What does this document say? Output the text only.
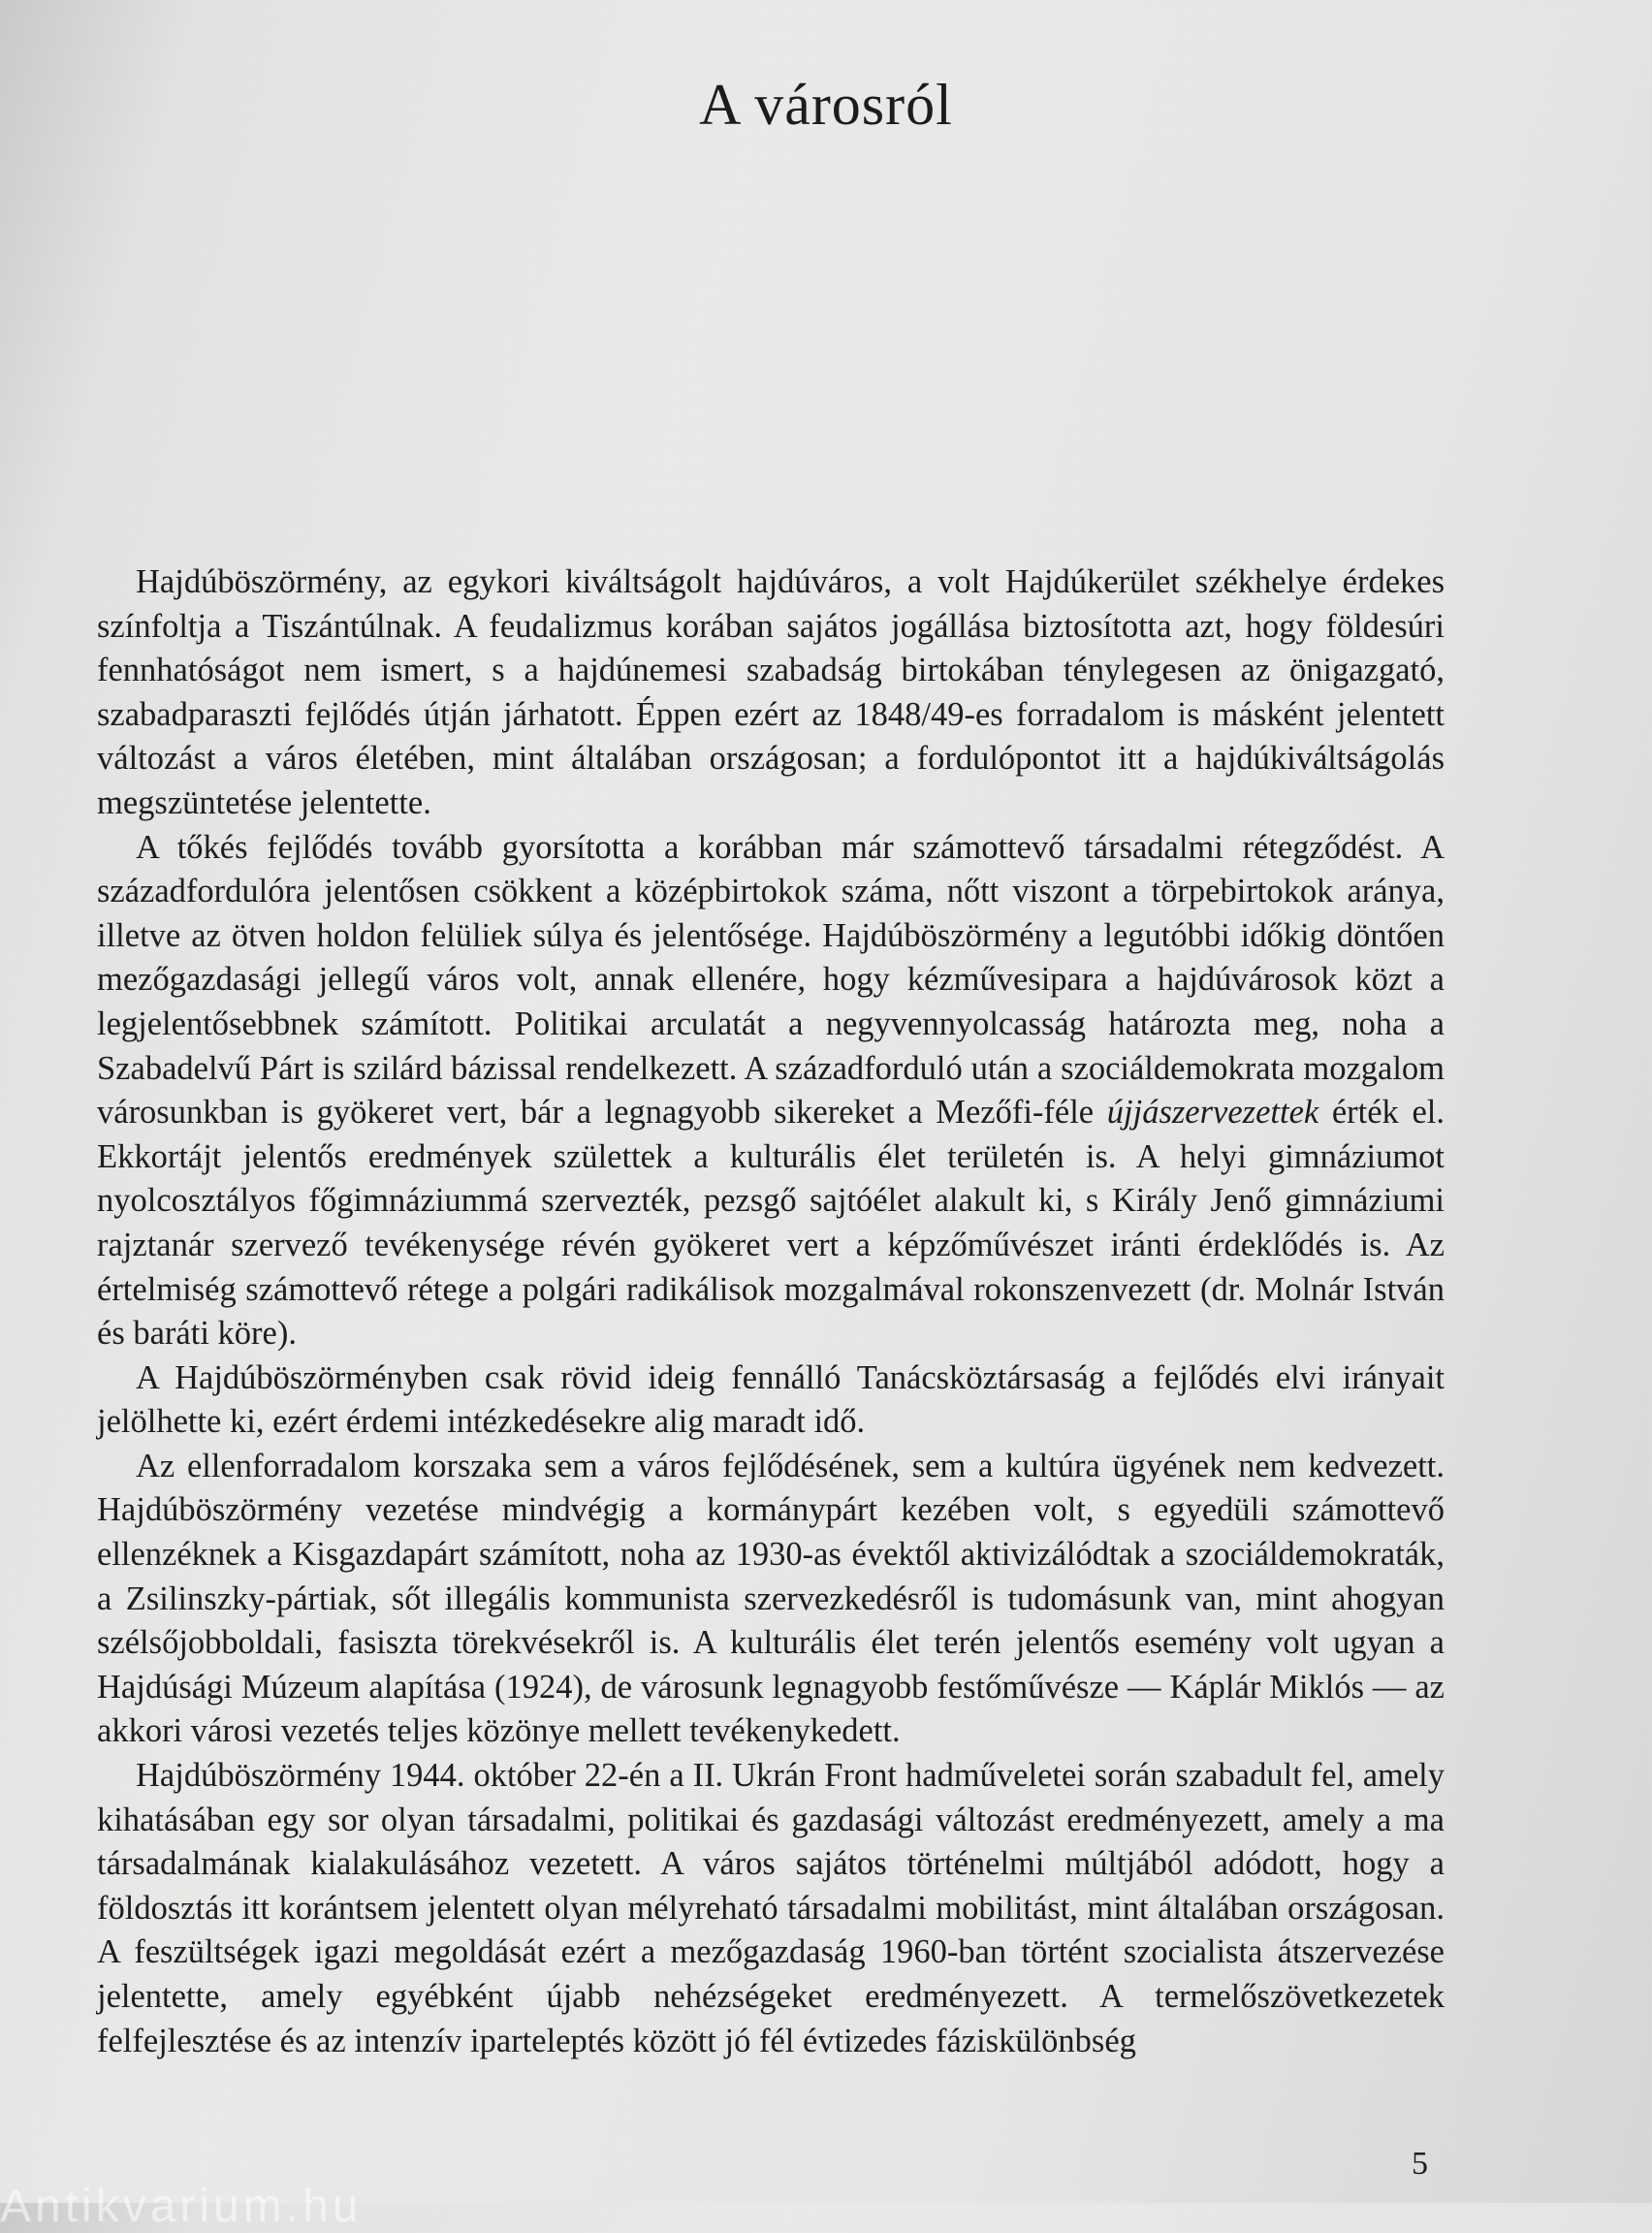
A városról

Hajdúböszörmény, az egykori kiváltságolt hajdúváros, a volt Hajdúkerület székhelye érdekes színfoltja a Tiszántúlnak. A feudalizmus korában sajátos jogállása biztosította azt, hogy földesúri fennhatóságot nem ismert, s a hajdúnemesi szabadság birtokában ténylegesen az önigazgató, szabadparaszti fejlődés útján járhatott. Éppen ezért az 1848/49-es forradalom is másként jelentett változást a város életében, mint általában országosan; a fordulópontot itt a hajdúkiváltságolás megszüntetése jelentette.

A tőkés fejlődés tovább gyorsította a korábban már számottevő társadalmi rétegződést. A századfordulóra jelentősen csökkent a középbirtokok száma, nőtt viszont a törpebirtokok aránya, illetve az ötven holdon felüliek súlya és jelentősége. Hajdúböszörmény a legutóbbi időkig döntően mezőgazdasági jellegű város volt, annak ellenére, hogy kézművesipara a hajdúvárosok közt a legjelentősebbnek számított. Politikai arculatát a negyvennyolcasság határozta meg, noha a Szabadelvű Párt is szilárd bázissal rendelkezett. A századforduló után a szociáldemokrata mozgalom városunkban is gyökeret vert, bár a legnagyobb sikereket a Mezőfi-féle újjászervezettek érték el. Ekkortájt jelentős eredmények születtek a kulturális élet területén is. A helyi gimnáziumot nyolcosztályos főgimnáziummá szervezték, pezsgő sajtóélet alakult ki, s Király Jenő gimnáziumi rajztanár szervező tevékenysége révén gyökeret vert a képzőművészet iránti érdeklődés is. Az értelmiség számottevő rétege a polgári radikálisok mozgalmával rokonszenvezett (dr. Molnár István és baráti köre).

A Hajdúböszörményben csak rövid ideig fennálló Tanácsköztársaság a fejlődés elvi irányait jelölhette ki, ezért érdemi intézkedésekre alig maradt idő.

Az ellenforradalom korszaka sem a város fejlődésének, sem a kultúra ügyének nem kedvezett. Hajdúböszörmény vezetése mindvégig a kormánypárt kezében volt, s egyedüli számottevő ellenzéknek a Kisgazdapárt számított, noha az 1930-as évektől aktivizálódtak a szociáldemokraták, a Zsilinszky-pártiak, sőt illegális kommunista szervezkedésről is tudomásunk van, mint ahogyan szélsőjobboldali, fasiszta törekvésekről is. A kulturális élet terén jelentős esemény volt ugyan a Hajdúsági Múzeum alapítása (1924), de városunk legnagyobb festőművésze — Káplár Miklós — az akkori városi vezetés teljes közönye mellett tevékenykedett.

Hajdúböszörmény 1944. október 22-én a II. Ukrán Front hadműveletei során szabadult fel, amely kihatásában egy sor olyan társadalmi, politikai és gazdasági változást eredményezett, amely a ma társadalmának kialakulásához vezetett. A város sajátos történelmi múltjából adódott, hogy a földosztás itt korántsem jelentett olyan mélyreható társadalmi mobilitást, mint általában országosan. A feszültségek igazi megoldását ezért a mezőgazdaság 1960-ban történt szocialista átszervezése jelentette, amely egyébként újabb nehézségeket eredményezett. A termelőszövetkezetek felfejlesztése és az intenzív iparteleptés között jó fél évtizedes fáziskülönbség

5
Antikvarium.hu
